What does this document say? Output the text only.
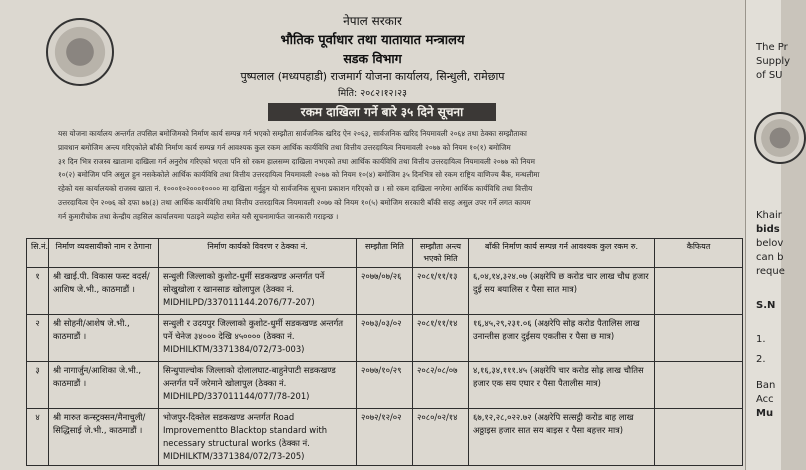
नेपाल सरकार
भौतिक पूर्वाधार तथा यातायात मन्त्रालय
सडक विभाग
पुष्पलाल (मध्यपहाडी) राजमार्ग योजना कार्यालय, सिन्धुली, रामेछाप
मिति: २०८२।१२।२३
रकम दाखिला गर्ने बारे ३५ दिने सूचना
यस योजना कार्यालय अन्तर्गत तपसिल बमोजिमको निर्माण कार्य सम्पन्न गर्न भएको सम्झौता सार्वजनिक खरिद ऐन २०६३, सार्वजनिक खरिद नियमावली २०६४ तथा ठेक्का सम्झौताका
प्रावधान बमोजिम अन्त्य गरिएकोले बाँकी निर्माण कार्य सम्पन्न गर्न आवश्यक कुल रकम आर्थिक कार्यविधि तथा वित्तीय उत्तरदायित्व नियमावली २०७७ को नियम १०(१) बमोजिम
३१ दिन भित्र राजस्व खातामा दाखिला गर्न अनुरोध गरिएको भएता पनि सो रकम हालसम्म दाखिला नभएको तथा आर्थिक कार्यविधि तथा वित्तीय उत्तरदायित्व नियमावली २०७७ को नियम
१०(२) बमोजिम पनि असुल हुन नसकेकोले आर्थिक कार्यविधि तथा वित्तीय उत्तरदायित्व नियमावली २०७७ को नियम १०(४) बमोजिम ३५ दिनभित्र सो रकम राष्ट्रिय वाणिज्य बैंक, मन्थलीमा
रहेको यस कार्यालयको राजस्व खाता नं. १०००१०२०००१०००० मा दाखिला गर्नुहुन यो सार्वजनिक सूचना प्रकाशन गरिएको छ । सो रकम दाखिला नगरेमा आर्थिक कार्यविधि तथा वित्तीय
उत्तरदायित्व ऐन २०७६ को दफा ७७(३) तथा आर्थिक कार्यविधि तथा वित्तीय उत्तरदायित्व नियमावली २०७७ को नियम १०(५) बमोजिम सरकारी बाँकी सरह असुल उपर गर्ने लगत कायम
गर्न कुमारीचोक तथा केन्द्रीय तहसिल कार्यालयमा पठाइने व्यहोरा समेत यसै सूचनामार्फत जानकारी गराइन्छ ।
सि.नं.	निर्माण व्यवसायीको नाम र ठेगाना	निर्माण कार्यको विवरण र ठेक्का नं.	सम्झौता मिति	सम्झौता अन्त्य भएको मिति	बाँकी निर्माण कार्य सम्पन्न गर्न आवश्यक कुल रकम रु.	कैफियत
१	श्री खाई.पी. विकास फस्ट वदर्स/आशिष जे.भी., काठमाडौं ।	सन्धुली जिल्लाको कुशोट-धुर्मी सडकखण्ड अन्तर्गत पर्ने सोखुखोला र खानसाङ खोलापुल (ठेक्का नं. MIDHILPD/337011144.2076/77-207)	२०७७/०७/२६	२०८१/११/१३	६,०४,१४,३२४.०७ (अक्षरेपि छ करोड चार लाख चौध हजार दुई सय बयालिस र पैसा सात मात्र)	
२	श्री सोहनी/आशेष जे.भी., काठमाडौं ।	सन्धुली र उदयपुर जिल्लाको कुशोट-धुर्मी सडकखण्ड अन्तर्गत पर्ने चेनेज ३४००० देखि ४५०००० (ठेक्का नं. MIDHILKTM/3371384/072/73-003)	२०७३/०३/०२	२०८१/११/१४	१६,४५,२९,२३१.०६ (अक्षरेपि सोह्र करोड पैतालिस लाख उनान्तीस हजार दुईसय एकतीस र पैसा छ मात्र)	
३	श्री नागार्जुन/आशिका जे.भी., काठमाडौं ।	सिन्धुपाल्चोक जिल्लाको दोलालघाट-बाहुनेपाटी सडकखण्ड अन्तर्गत पर्ने जरेमाने खोलापुल (ठेक्का नं. MIDHILPD/337011144/077/78-201)	२०७७/१०/२९	२०८२/०८/०७	४,१६,३४,१११.४५ (अक्षरेपि चार करोड सोह्र लाख चौतिस हजार एक सय एघार र पैसा पैतालीस मात्र)	
४	श्री मारुत कन्स्ट्रक्सन/मैनाचुली/सिद्धिसाई जे.भी., काठमाडौं ।	भोजपुर-दिक्तेल सडकखण्ड अन्तर्गत Road Improvementto Blacktop standard with necessary structural works (ठेक्का नं. MIDHILKTM/3371384/072/73-205)	२०७२/१२/०२	२०८०/०२/१४	६७,१२,२८,०२२.७२ (अक्षरेपि सत्सट्ठी करोड बाह लाख अठ्ठाइस हजार सात सय बाइस र पैसा बहत्तर मात्र)	
The Pr
Supply
of SU
Khair
bids
belov
can b
reque
S.N
1.
2.
Ban
Acc
Mu
